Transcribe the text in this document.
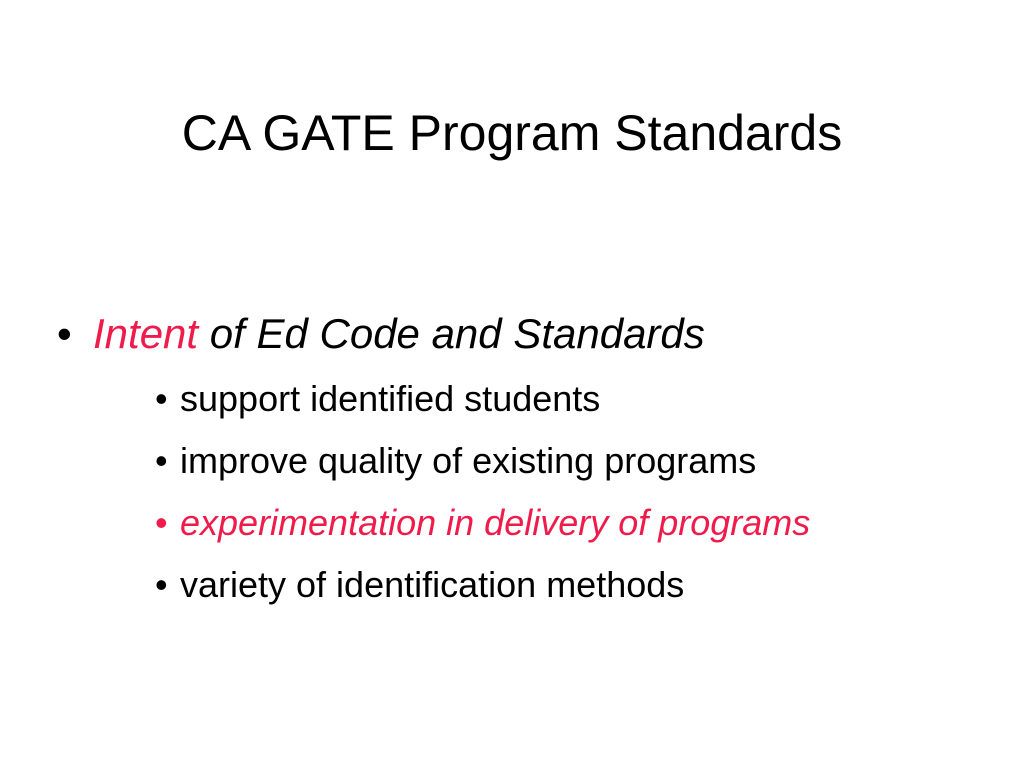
CA GATE Program Standards
• Intent of Ed Code and Standards
• support identified students
• improve quality of existing programs
• experimentation in delivery of programs
• variety of identification methods
